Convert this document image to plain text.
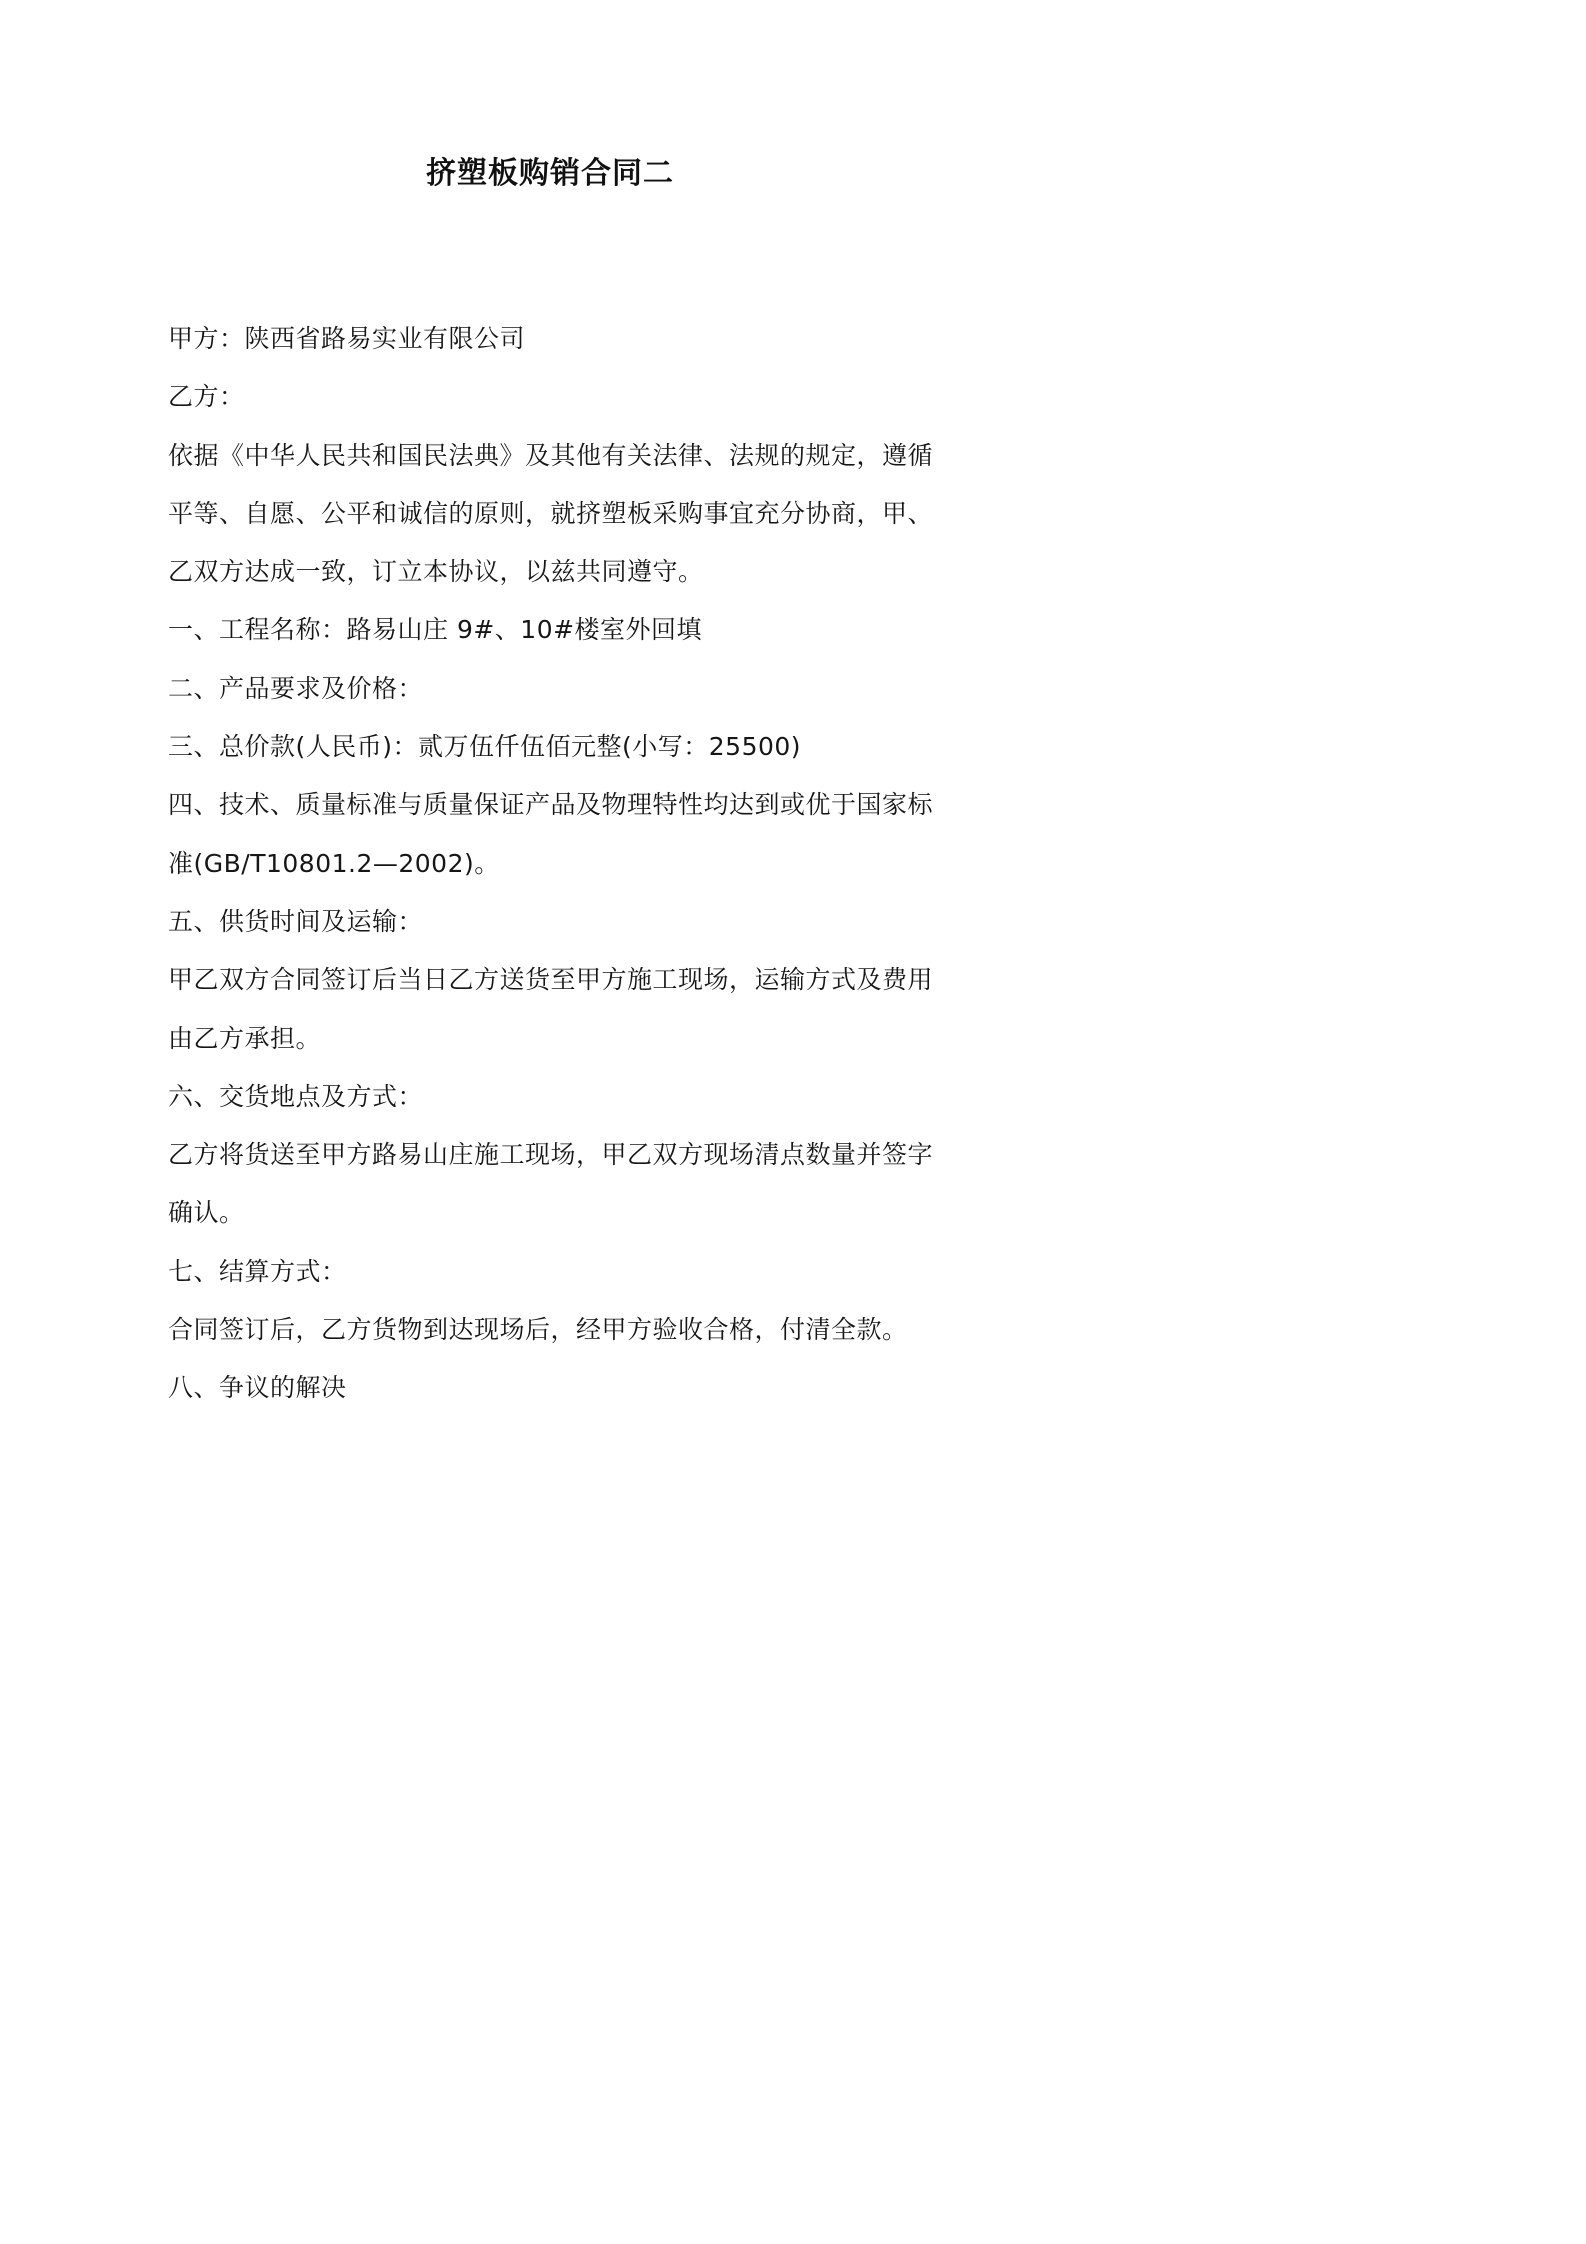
挤塑板购销合同二
甲方：陕西省路易实业有限公司
乙方：
依据《中华人民共和国民法典》及其他有关法律、法规的规定，遵循
平等、自愿、公平和诚信的原则，就挤塑板采购事宜充分协商，甲、
乙双方达成一致，订立本协议，以兹共同遵守。
一、工程名称：路易山庄 9#、10#楼室外回填
二、产品要求及价格：
三、总价款(人民币)：贰万伍仟伍佰元整(小写：25500)
四、技术、质量标准与质量保证产品及物理特性均达到或优于国家标
准(GB/T10801.2—2002)。
五、供货时间及运输：
甲乙双方合同签订后当日乙方送货至甲方施工现场，运输方式及费用
由乙方承担。
六、交货地点及方式：
乙方将货送至甲方路易山庄施工现场，甲乙双方现场清点数量并签字
确认。
七、结算方式：
合同签订后，乙方货物到达现场后，经甲方验收合格，付清全款。
八、争议的解决
